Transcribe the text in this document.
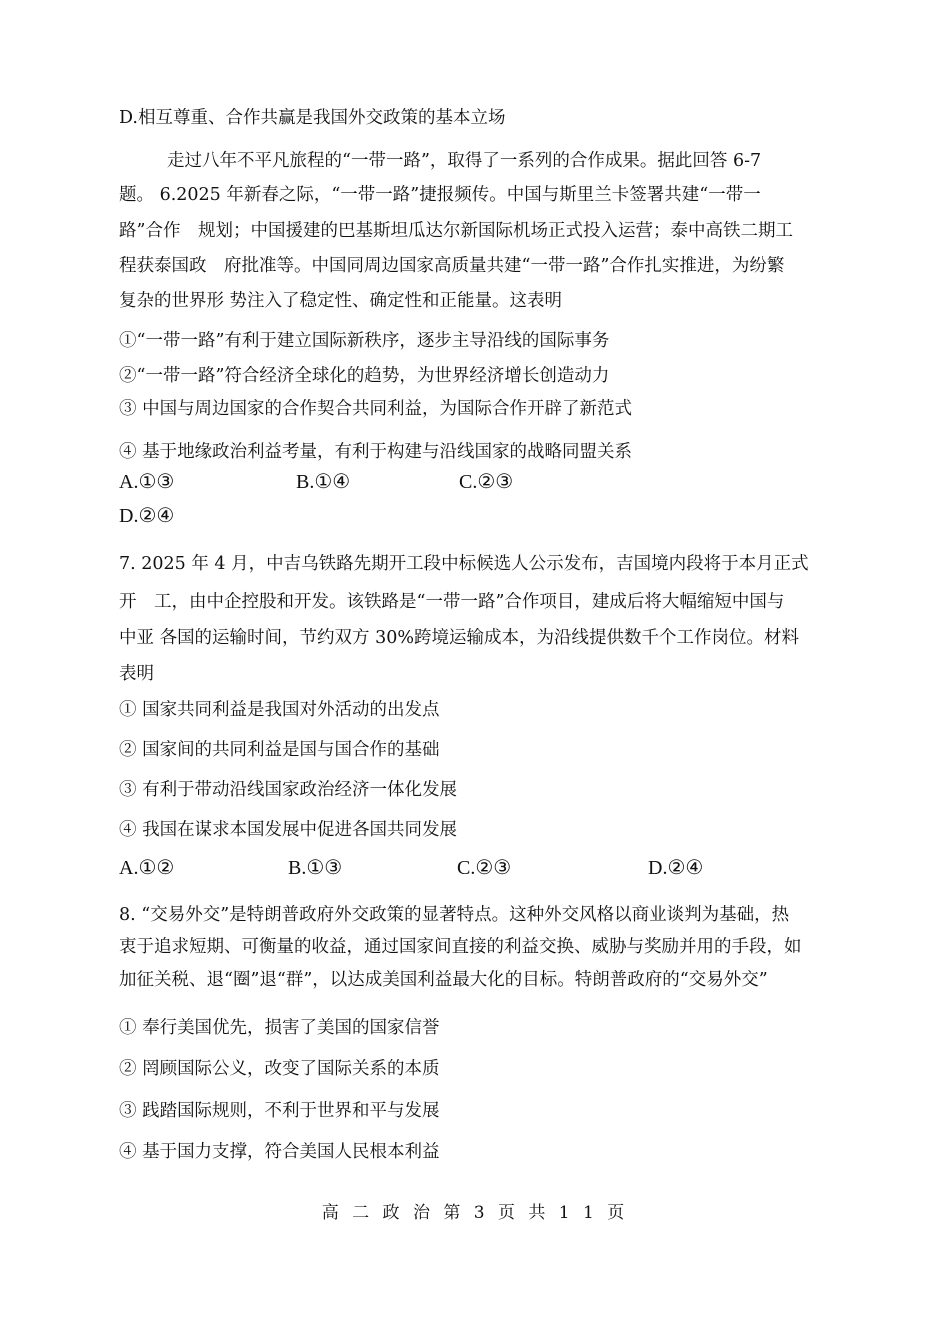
D.相互尊重、合作共赢是我国外交政策的基本立场
走过八年不平凡旅程的“一带一路”，取得了一系列的合作成果。据此回答 6-7
题。 6.2025 年新春之际，“一带一路”捷报频传。中国与斯里兰卡签署共建“一带一
路”合作　规划；中国援建的巴基斯坦瓜达尔新国际机场正式投入运营；泰中高铁二期工
程获泰国政　府批准等。中国同周边国家高质量共建“一带一路”合作扎实推进，为纷繁
复杂的世界形 势注入了稳定性、确定性和正能量。这表明
①“一带一路”有利于建立国际新秩序，逐步主导沿线的国际事务
②“一带一路”符合经济全球化的趋势，为世界经济增长创造动力
③ 中国与周边国家的合作契合共同利益，为国际合作开辟了新范式
④ 基于地缘政治利益考量，有利于构建与沿线国家的战略同盟关系
A.①③	B.①④	C.②③
D.②④
7. 2025 年 4 月，中吉乌铁路先期开工段中标候选人公示发布，吉国境内段将于本月正式
开　工，由中企控股和开发。该铁路是“一带一路”合作项目，建成后将大幅缩短中国与
中亚 各国的运输时间，节约双方 30%跨境运输成本，为沿线提供数千个工作岗位。材料
表明
① 国家共同利益是我国对外活动的出发点
② 国家间的共同利益是国与国合作的基础
③ 有利于带动沿线国家政治经济一体化发展
④ 我国在谋求本国发展中促进各国共同发展
A.①②	B.①③	C.②③	D.②④
8. “交易外交”是特朗普政府外交政策的显著特点。这种外交风格以商业谈判为基础，热
衷于追求短期、可衡量的收益，通过国家间直接的利益交换、威胁与奖励并用的手段，如
加征关税、退“圈”退“群”，以达成美国利益最大化的目标。特朗普政府的“交易外交”
① 奉行美国优先，损害了美国的国家信誉
② 罔顾国际公义，改变了国际关系的本质
③ 践踏国际规则，不利于世界和平与发展
④ 基于国力支撑，符合美国人民根本利益
高 二 政 治 第 3 页 共 1 1 页
